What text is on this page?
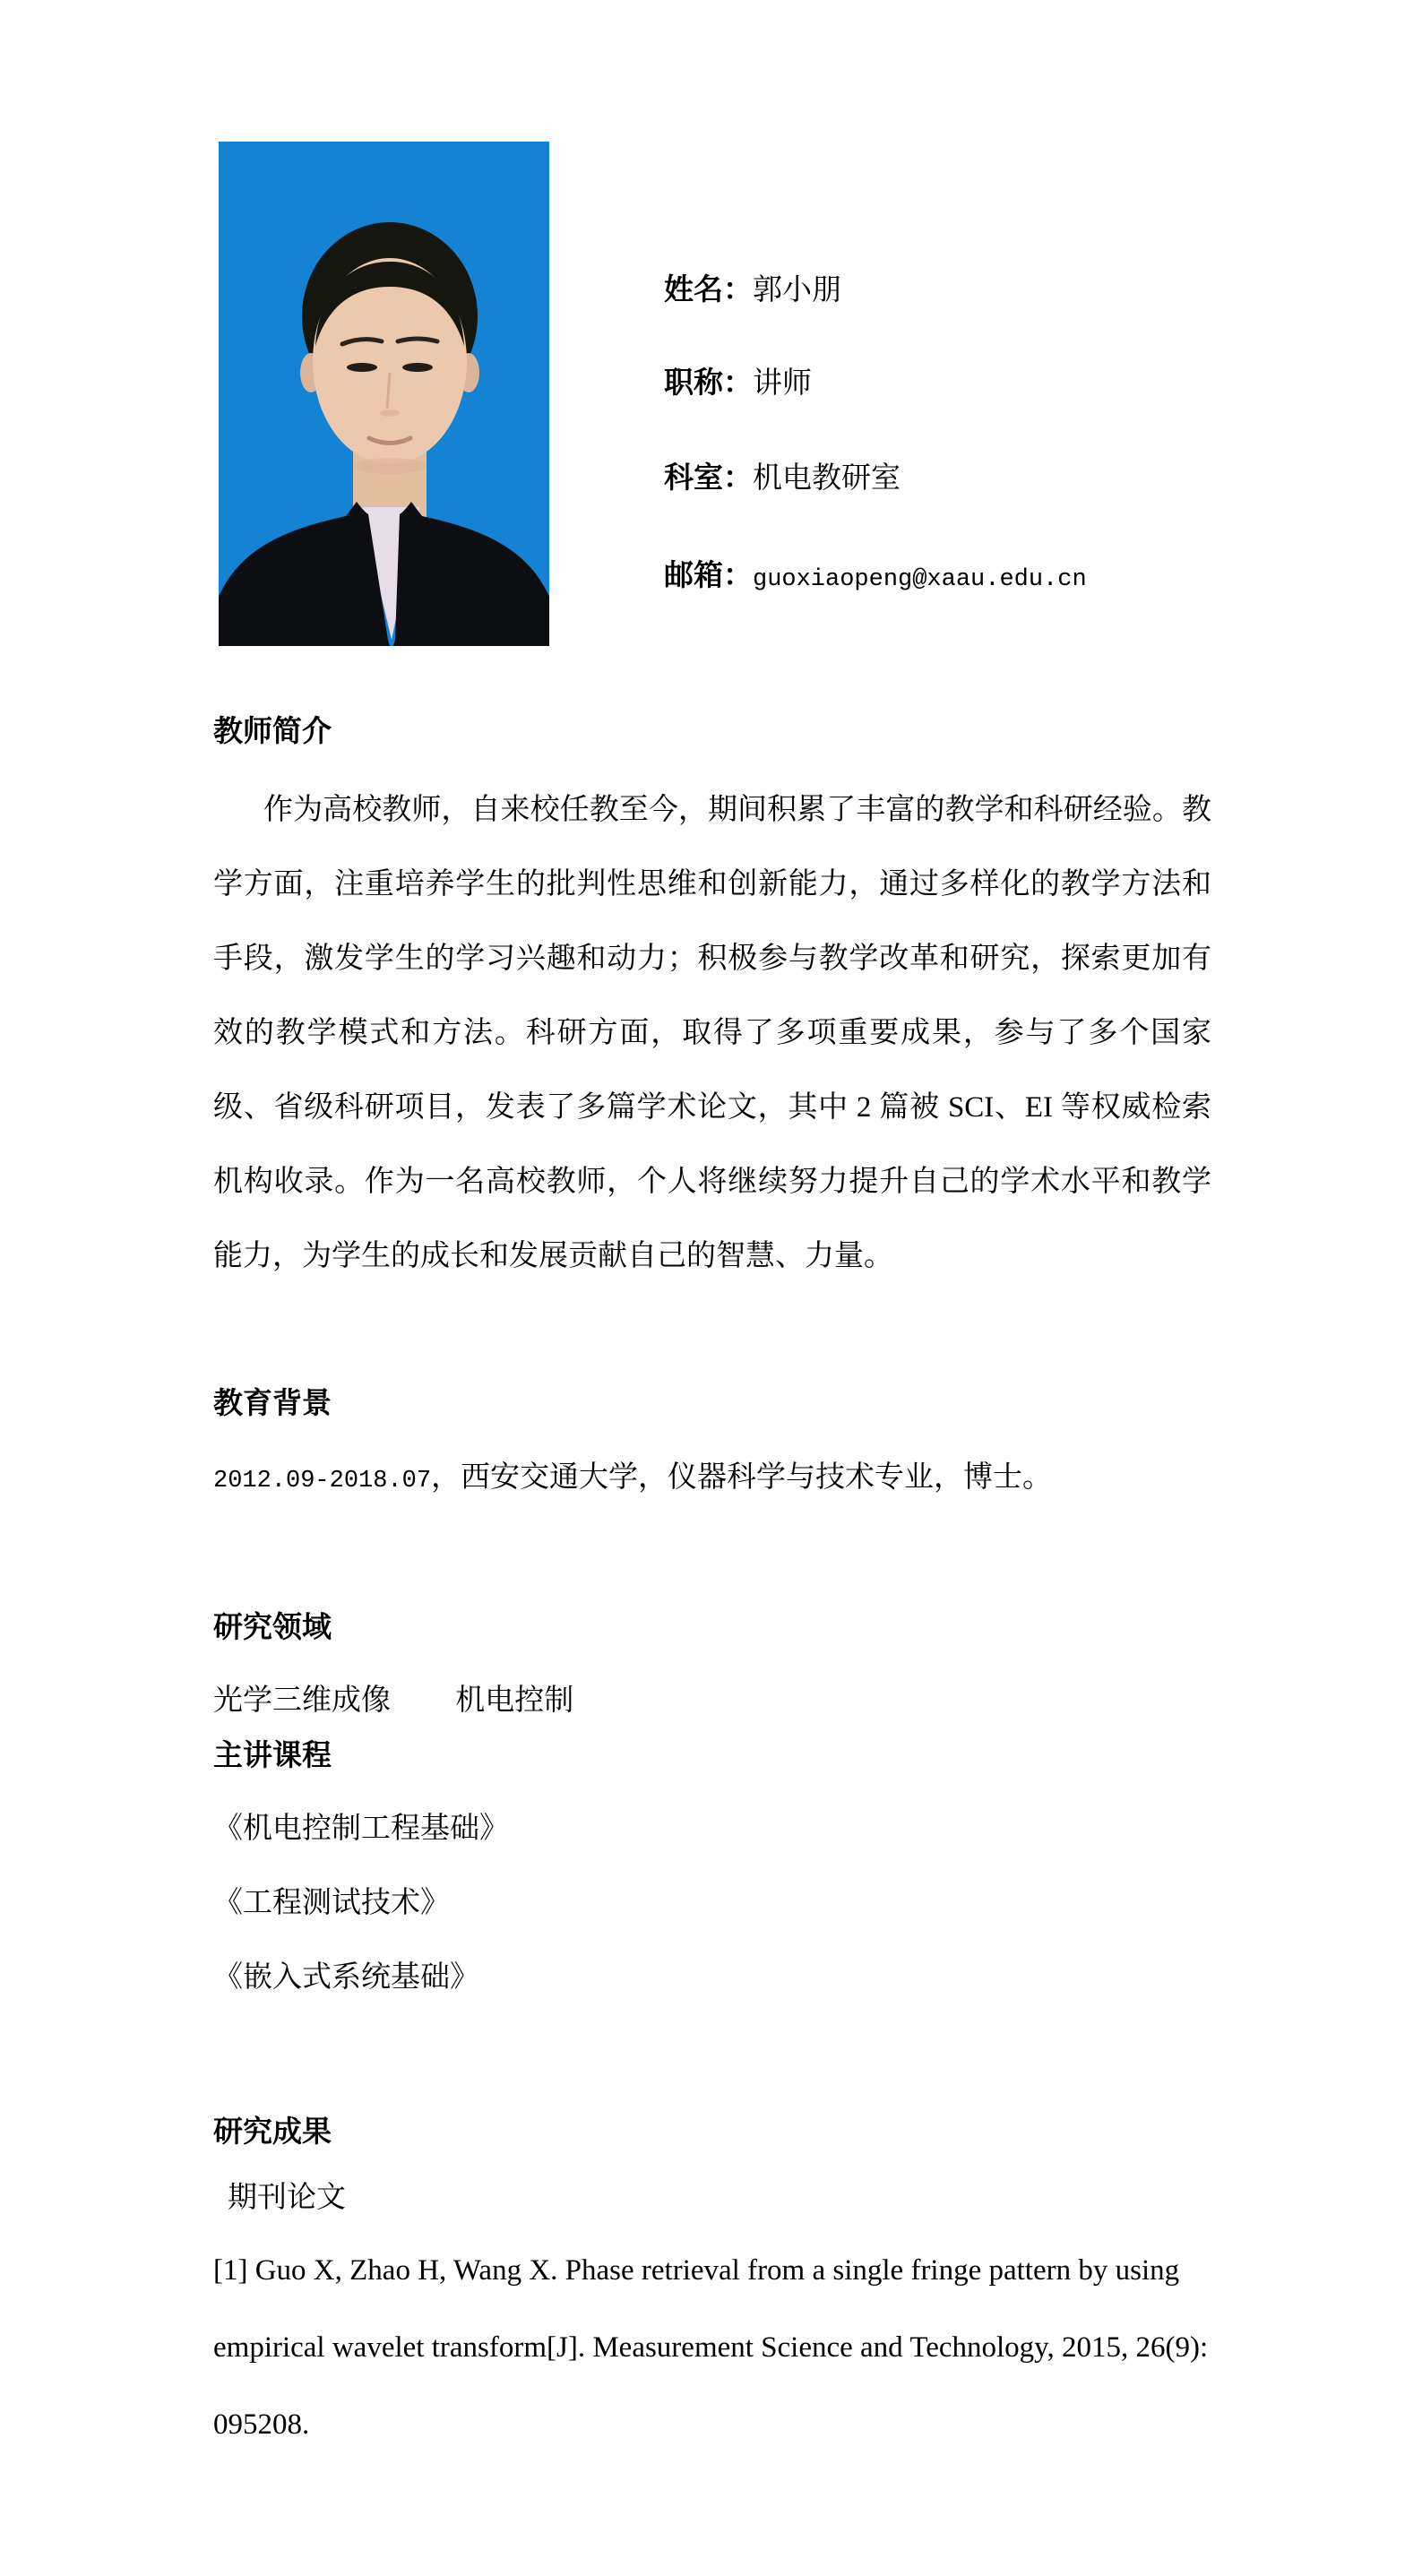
姓名：郭小朋
职称：讲师
科室：机电教研室
邮箱：guoxiaopeng@xaau.edu.cn
教师简介
作为高校教师，自来校任教至今，期间积累了丰富的教学和科研经验。教学方面，注重培养学生的批判性思维和创新能力，通过多样化的教学方法和手段，激发学生的学习兴趣和动力；积极参与教学改革和研究，探索更加有效的教学模式和方法。科研方面，取得了多项重要成果，参与了多个国家级、省级科研项目，发表了多篇学术论文，其中 2 篇被 SCI、EI 等权威检索机构收录。作为一名高校教师，个人将继续努力提升自己的学术水平和教学能力，为学生的成长和发展贡献自己的智慧、力量。
教育背景
2012.09-2018.07，西安交通大学，仪器科学与技术专业，博士。
研究领域
光学三维成像 机电控制
主讲课程
《机电控制工程基础》
《工程测试技术》
《嵌入式系统基础》
研究成果
期刊论文
[1] Guo X, Zhao H, Wang X. Phase retrieval from a single fringe pattern by using empirical wavelet transform[J]. Measurement Science and Technology, 2015, 26(9): 095208.
